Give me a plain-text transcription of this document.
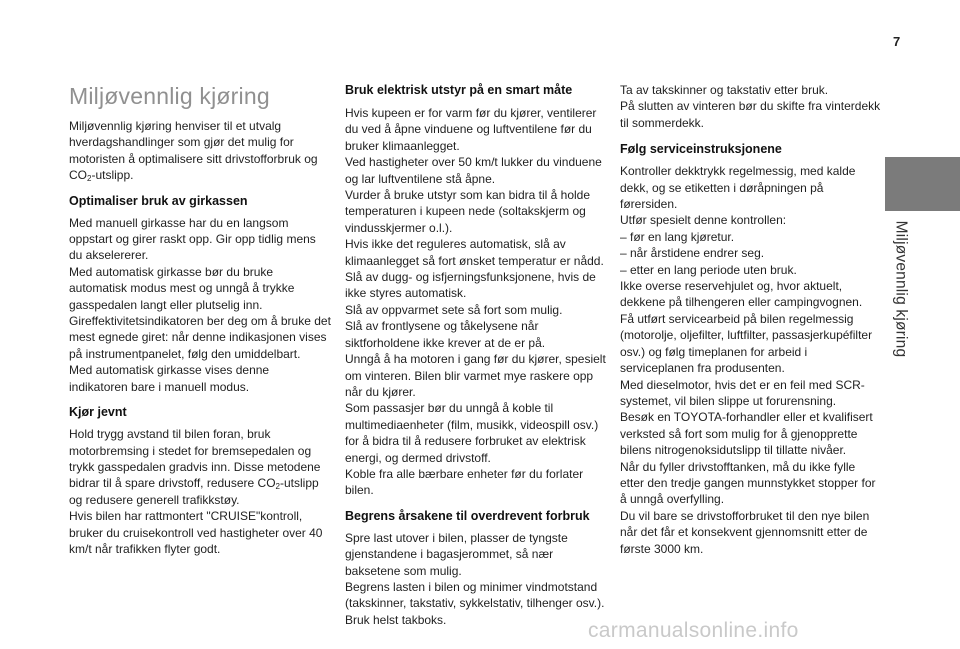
7
Miljøvennlig kjøring
Miljøvennlig kjøring

Miljøvennlig kjøring henviser til et utvalg hverdagshandlinger som gjør det mulig for motoristen å optimalisere sitt drivstofforbruk og $CO_2$-utslipp.

Optimaliser bruk av girkassen

Med manuell girkasse har du en langsom oppstart og girer raskt opp. Gir opp tidlig mens du akselererer.

Med automatisk girkasse bør du bruke automatisk modus mest og unngå å trykke gasspedalen langt eller plutselig inn.

Gireffektivitetsindikatoren ber deg om å bruke det mest egnede giret: når denne indikasjonen vises på instrumentpanelet, følg den umiddelbart.

Med automatisk girkasse vises denne indikatoren bare i manuell modus.

Kjør jevnt

Hold trygg avstand til bilen foran, bruk motorbremsing i stedet for bremsepedalen og trykk gasspedalen gradvis inn. Disse metodene bidrar til å spare drivstoff, redusere $CO_2$-utslipp og redusere generell trafikkstøy.

Hvis bilen har rattmontert "CRUISE"kontroll, bruker du cruisekontroll ved hastigheter over 40 km/t når trafikken flyter godt.

Bruk elektrisk utstyr på en smart måte

Hvis kupeen er for varm før du kjører, ventilerer du ved å åpne vinduene og luftventilene før du bruker klimaanlegget.

Ved hastigheter over 50 km/t lukker du vinduene og lar luftventilene stå åpne.

Vurder å bruke utstyr som kan bidra til å holde temperaturen i kupeen nede (soltakskjerm og vindusskjermer o.l.).

Hvis ikke det reguleres automatisk, slå av klimaanlegget så fort ønsket temperatur er nådd.

Slå av dugg- og isfjerningsfunksjonene, hvis de ikke styres automatisk.

Slå av oppvarmet sete så fort som mulig.

Slå av frontlysene og tåkelysene når siktforholdene ikke krever at de er på.

Unngå å ha motoren i gang før du kjører, spesielt om vinteren. Bilen blir varmet mye raskere opp når du kjører.

Som passasjer bør du unngå å koble til multimediaenheter (film, musikk, videospill osv.) for å bidra til å redusere forbruket av elektrisk energi, og dermed drivstoff.

Koble fra alle bærbare enheter før du forlater bilen.

Begrens årsakene til overdrevent forbruk

Spre last utover i bilen, plasser de tyngste gjenstandene i bagasjerommet, så nær baksetene som mulig.

Begrens lasten i bilen og minimer vindmotstand (takskinner, takstativ, sykkelstativ, tilhenger osv.). Bruk helst takboks.

Ta av takskinner og takstativ etter bruk.

På slutten av vinteren bør du skifte fra vinterdekk til sommerdekk.

Følg serviceinstruksjonene

Kontroller dekktrykk regelmessig, med kalde dekk, og se etiketten i døråpningen på førersiden.

Utfør spesielt denne kontrollen:

– før en lang kjøretur.

– når årstidene endrer seg.

– etter en lang periode uten bruk.

Ikke overse reservehjulet og, hvor aktuelt, dekkene på tilhengeren eller campingvognen.

Få utført servicearbeid på bilen regelmessig (motorolje, oljefilter, luftfilter, passasjerkupéfilter osv.) og følg timeplanen for arbeid i serviceplanen fra produsenten.

Med dieselmotor, hvis det er en feil med SCR-systemet, vil bilen slippe ut forurensning.

Besøk en TOYOTA-forhandler eller et kvalifisert verksted så fort som mulig for å gjenopprette bilens nitrogenoksidutslipp til tillatte nivåer.

Når du fyller drivstofftanken, må du ikke fylle etter den tredje gangen munnstykket stopper for å unngå overfylling.

Du vil bare se drivstofforbruket til den nye bilen når det får et konsekvent gjennomsnitt etter de første 3000 km.

carmanualsonline.info
